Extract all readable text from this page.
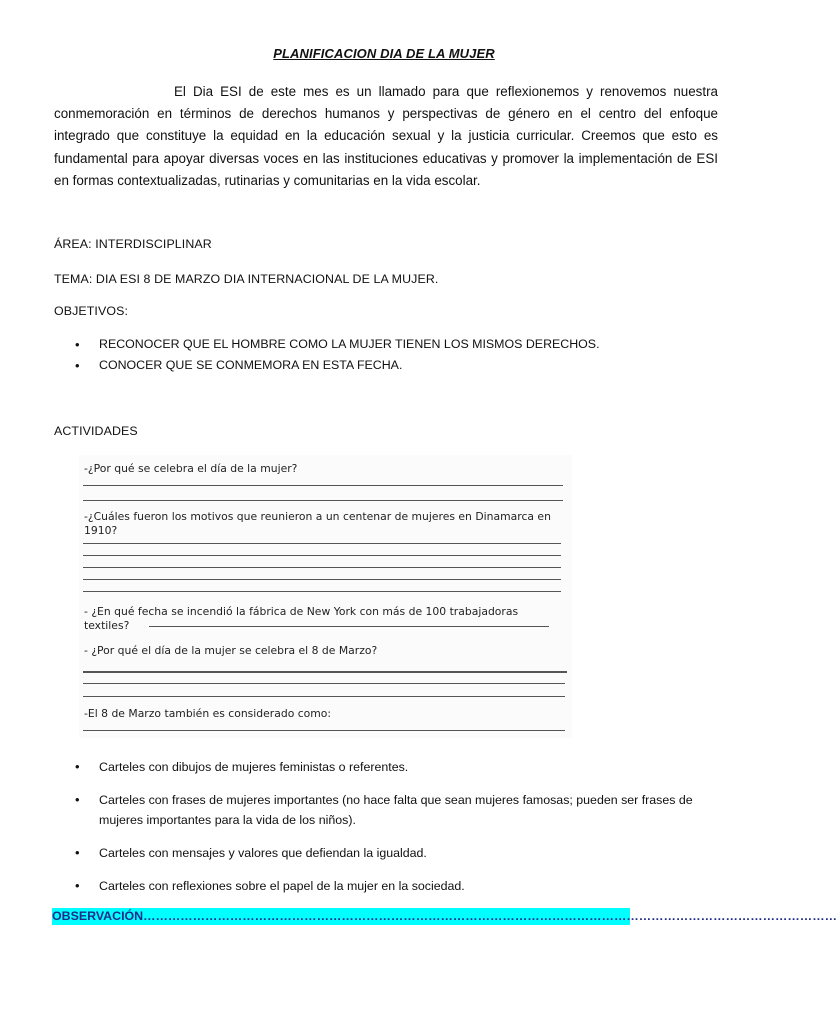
PLANIFICACION DIA DE LA MUJER
El Dia ESI de este mes es un llamado para que reflexionemos y renovemos nuestra conmemoración en términos de derechos humanos y perspectivas de género en el centro del enfoque integrado que constituye la equidad en la educación sexual y la justicia curricular. Creemos que esto es fundamental para apoyar diversas voces en las instituciones educativas y promover la implementación de ESI en formas contextualizadas, rutinarias y comunitarias en la vida escolar.
ÁREA: INTERDISCIPLINAR
TEMA: DIA ESI 8 DE MARZO DIA INTERNACIONAL DE LA MUJER.
OBJETIVOS:
• RECONOCER QUE EL HOMBRE COMO LA MUJER TIENEN LOS MISMOS DERECHOS.
• CONOCER QUE SE CONMEMORA EN ESTA FECHA.
ACTIVIDADES
-¿Por qué se celebra el día de la mujer?
-¿Cuáles fueron los motivos que reunieron a un centenar de mujeres en Dinamarca en 1910?
- ¿En qué fecha se incendió la fábrica de New York con más de 100 trabajadoras textiles?
- ¿Por qué el día de la mujer se celebra el 8 de Marzo?
-El 8 de Marzo también es considerado como:
• Carteles con dibujos de mujeres feministas o referentes.
• Carteles con frases de mujeres importantes (no hace falta que sean mujeres famosas; pueden ser frases de mujeres importantes para la vida de los niños).
• Carteles con mensajes y valores que defiendan la igualdad.
• Carteles con reflexiones sobre el papel de la mujer en la sociedad.
OBSERVACIÓN……………………………………………………………………………………………………………………………………………………
